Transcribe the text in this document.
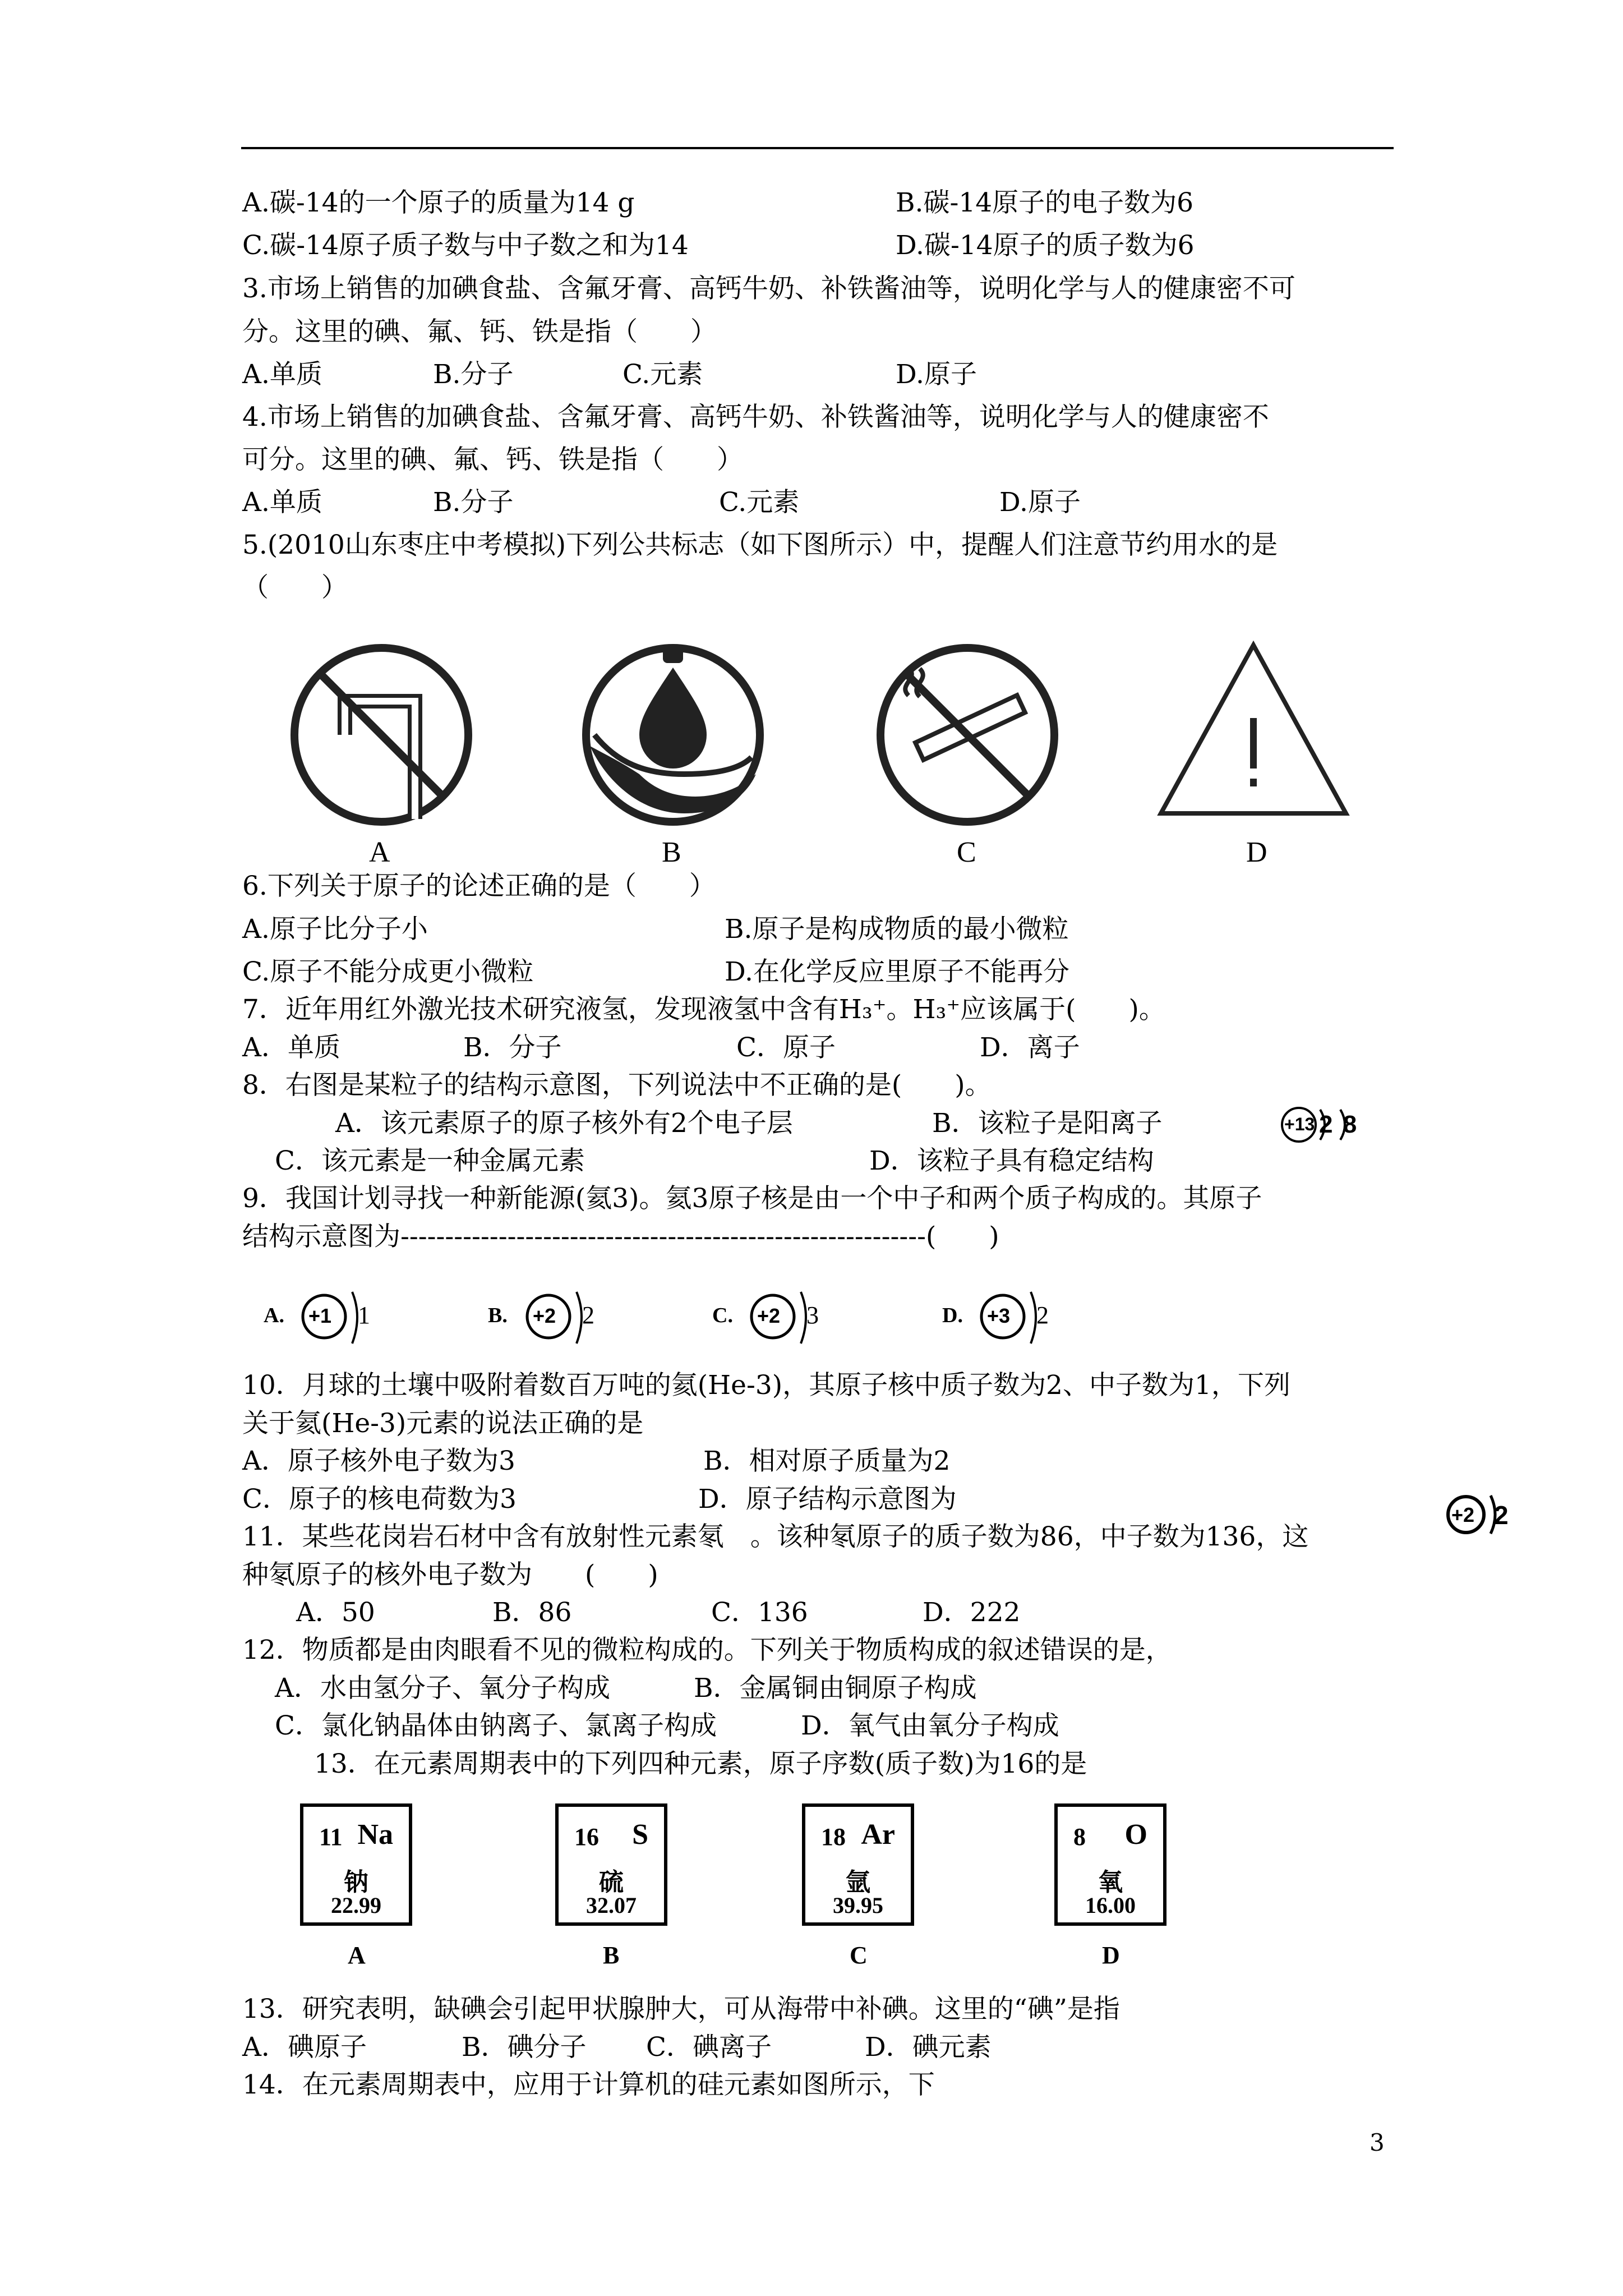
A.碳-14的一个原子的质量为14 g	B.碳-14原子的电子数为6
C.碳-14原子质子数与中子数之和为14	D.碳-14原子的质子数为6
3.市场上销售的加碘食盐、含氟牙膏、高钙牛奶、补铁酱油等，说明化学与人的健康密不可
分。这里的碘、氟、钙、铁是指（　　）
A.单质	B.分子	C.元素	D.原子
4.市场上销售的加碘食盐、含氟牙膏、高钙牛奶、补铁酱油等，说明化学与人的健康密不
可分。这里的碘、氟、钙、铁是指（　　）
A.单质	B.分子	C.元素	D.原子
5.(2010山东枣庄中考模拟)下列公共标志（如下图所示）中，提醒人们注意节约用水的是
（　　）
6.下列关于原子的论述正确的是（　　）
A.原子比分子小	B.原子是构成物质的最小微粒
C.原子不能分成更小微粒	D.在化学反应里原子不能再分
7．近年用红外激光技术研究液氢，发现液氢中含有H₃⁺。H₃⁺应该属于(　　)。
A．单质	B．分子	C．原子	D．离子
8．右图是某粒子的结构示意图，下列说法中不正确的是(　　)。
A．该元素原子的原子核外有2个电子层	B．该粒子是阳离子
C．该元素是一种金属元素	D．该粒子具有稳定结构
9．我国计划寻找一种新能源(氦3)。氦3原子核是由一个中子和两个质子构成的。其原子
结构示意图为-----------------------------------------------------------(　　)
10．月球的土壤中吸附着数百万吨的氦(He-3)，其原子核中质子数为2、中子数为1，下列
关于氦(He-3)元素的说法正确的是
A．原子核外电子数为3	B．相对原子质量为2
C．原子的核电荷数为3	D．原子结构示意图为
11．某些花岗岩石材中含有放射性元素氡　。该种氡原子的质子数为86，中子数为136，这
种氡原子的核外电子数为　　(　　)
A．50	B．86	C．136	D．222
12．物质都是由肉眼看不见的微粒构成的。下列关于物质构成的叙述错误的是，
A．水由氢分子、氧分子构成	B．金属铜由铜原子构成
C．氯化钠晶体由钠离子、氯离子构成	D．氧气由氧分子构成
13．在元素周期表中的下列四种元素，原子序数(质子数)为16的是
13．研究表明，缺碘会引起甲状腺肿大，可从海带中补碘。这里的“碘”是指
A．碘原子	B．碘分子 C．碘离子	D．碘元素
14．在元素周期表中，应用于计算机的硅元素如图所示，下
A	B	C	D
+13 2 8
A. +1 1	B. +2 2	C. +2 3	D. +3 2
+2 2
11 Na
钠
22.99
A
16 S
硫
32.07
B
18 Ar
氩
39.95
C
8 O
氧
16.00
D
3
